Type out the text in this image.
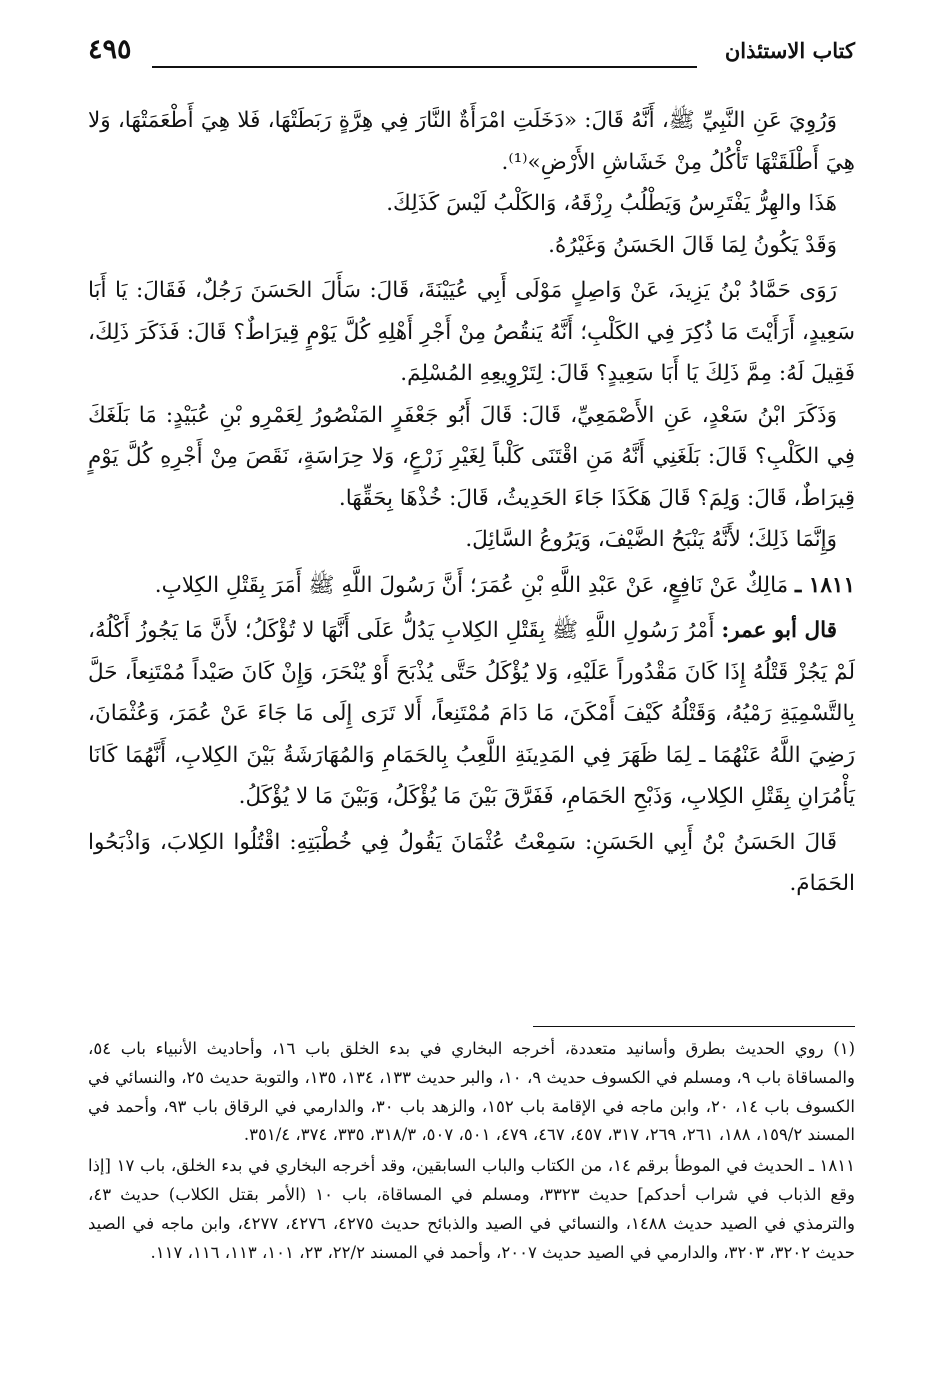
كتاب الاستئذان
٤٩٥

وَرُوِيَ عَنِ النَّبِيِّ ﷺ، أَنَّهُ قَالَ: «دَخَلَتِ امْرَأَةٌ النَّارَ فِي هِرَّةٍ رَبَطَتْهَا، فَلا هِيَ أَطْعَمَتْهَا، وَلا هِيَ أَطْلَقَتْهَا تَأْكُلُ مِنْ خَشَاشِ الأَرْضِ»⁽¹⁾.

هَذَا والهِرُّ يَفْتَرِسُ وَيَطْلُبُ رِزْقَهُ، وَالكَلْبُ لَيْسَ كَذَلِكَ.

وَقَدْ يَكُونُ لِمَا قَالَ الحَسَنُ وَغَيْرُهُ.

رَوَى حَمَّادُ بْنُ يَزِيدَ، عَنْ وَاصِلٍ مَوْلَى أَبِي عُيَيْنَةَ، قَالَ: سَأَلَ الحَسَنَ رَجُلٌ، فَقَالَ: يَا أَبَا سَعِيدٍ، أَرَأَيْتَ مَا ذُكِرَ فِي الكَلْبِ؛ أَنَّهُ يَنقُصُ مِنْ أَجْرِ أَهْلِهِ كُلَّ يَوْمٍ قِيرَاطٌ؟ قَالَ: فَذَكَرَ ذَلِكَ، فَقِيلَ لَهُ: مِمَّ ذَلِكَ يَا أَبَا سَعِيدٍ؟ قَالَ: لِتَرْوِيعِهِ المُسْلِمَ.

وَذَكَرَ ابْنُ سَعْدٍ، عَنِ الأَصْمَعِيِّ، قَالَ: قَالَ أَبُو جَعْفَرٍ المَنْصُورُ لِعَمْرِو بْنِ عُبَيْدٍ: مَا بَلَغَكَ فِي الكَلْبِ؟ قَالَ: بَلَغَنِي أَنَّهُ مَنِ اقْتَنَى كَلْباً لِغَيْرِ زَرْعٍ، وَلا حِرَاسَةٍ، نَقَصَ مِنْ أَجْرِهِ كُلَّ يَوْمٍ قِيرَاطٌ، قَالَ: وَلِمَ؟ قَالَ هَكَذَا جَاءَ الحَدِيثُ، قَالَ: خُذْهَا بِحَقِّهَا.

وَإِنَّمَا ذَلِكَ؛ لأَنَّهُ يَنْبَحُ الضَّيْفَ، وَيَرُوعُ السَّائِلَ.

١٨١١ ـ مَالِكٌ عَنْ نَافِعٍ، عَنْ عَبْدِ اللَّهِ بْنِ عُمَرَ؛ أَنَّ رَسُولَ اللَّهِ ﷺ أَمَرَ بِقَتْلِ الكِلابِ.

قال أبو عمر: أَمْرُ رَسُولِ اللَّهِ ﷺ بِقَتْلِ الكِلابِ يَدُلُّ عَلَى أَنَّهَا لا تُؤْكَلُ؛ لأَنَّ مَا يَجُوزُ أَكْلُهُ، لَمْ يَجُزْ قَتْلُهُ إِذَا كَانَ مَقْدُوراً عَلَيْهِ، وَلا يُؤْكَلُ حَتَّى يُذْبَحَ أَوْ يُنْحَرَ، وَإِنْ كَانَ صَيْداً مُمْتَنِعاً، حَلَّ بِالتَّسْمِيَةِ رَمْيُهُ، وَقَتْلُهُ كَيْفَ أَمْكَنَ، مَا دَامَ مُمْتَنِعاً، أَلا تَرَى إِلَى مَا جَاءَ عَنْ عُمَرَ، وَعُثْمَانَ، رَضِيَ اللَّهُ عَنْهُمَا ـ لِمَا ظَهَرَ فِي المَدِينَةِ اللَّعِبُ بِالحَمَامِ وَالمُهَارَشَةُ بَيْنَ الكِلابِ، أَنَّهُمَا كَانَا يَأْمُرَانِ بِقَتْلِ الكِلابِ، وَذَبْحِ الحَمَامِ، فَفَرَّقَ بَيْنَ مَا يُؤْكَلُ، وَبَيْنَ مَا لا يُؤْكَلُ.

قَالَ الحَسَنُ بْنُ أَبِي الحَسَنِ: سَمِعْتُ عُثْمَانَ يَقُولُ فِي خُطْبَتِهِ: اقْتُلُوا الكِلابَ، وَاذْبَحُوا الحَمَامَ.

(١) روي الحديث بطرق وأسانيد متعددة، أخرجه البخاري في بدء الخلق باب ١٦، وأحاديث الأنبياء باب ٥٤، والمساقاة باب ٩، ومسلم في الكسوف حديث ٩، ١٠، والبر حديث ١٣٣، ١٣٤، ١٣٥، والتوبة حديث ٢٥، والنسائي في الكسوف باب ١٤، ٢٠، وابن ماجه في الإقامة باب ١٥٢، والزهد باب ٣٠، والدارمي في الرقاق باب ٩٣، وأحمد في المسند ١٥٩/٢، ١٨٨، ٢٦١، ٢٦٩، ٣١٧، ٤٥٧، ٤٦٧، ٤٧٩، ٥٠١، ٥٠٧، ٣١٨/٣، ٣٣٥، ٣٧٤، ٣٥١/٤.

١٨١١ ـ الحديث في الموطأ برقم ١٤، من الكتاب والباب السابقين، وقد أخرجه البخاري في بدء الخلق، باب ١٧ [إذا وقع الذباب في شراب أحدكم] حديث ٣٣٢٣، ومسلم في المساقاة، باب ١٠ (الأمر بقتل الكلاب) حديث ٤٣، والترمذي في الصيد حديث ١٤٨٨، والنسائي في الصيد والذبائح حديث ٤٢٧٥، ٤٢٧٦، ٤٢٧٧، وابن ماجه في الصيد حديث ٣٢٠٢، ٣٢٠٣، والدارمي في الصيد حديث ٢٠٠٧، وأحمد في المسند ٢٢/٢، ٢٣، ١٠١، ١١٣، ١١٦، ١١٧.
